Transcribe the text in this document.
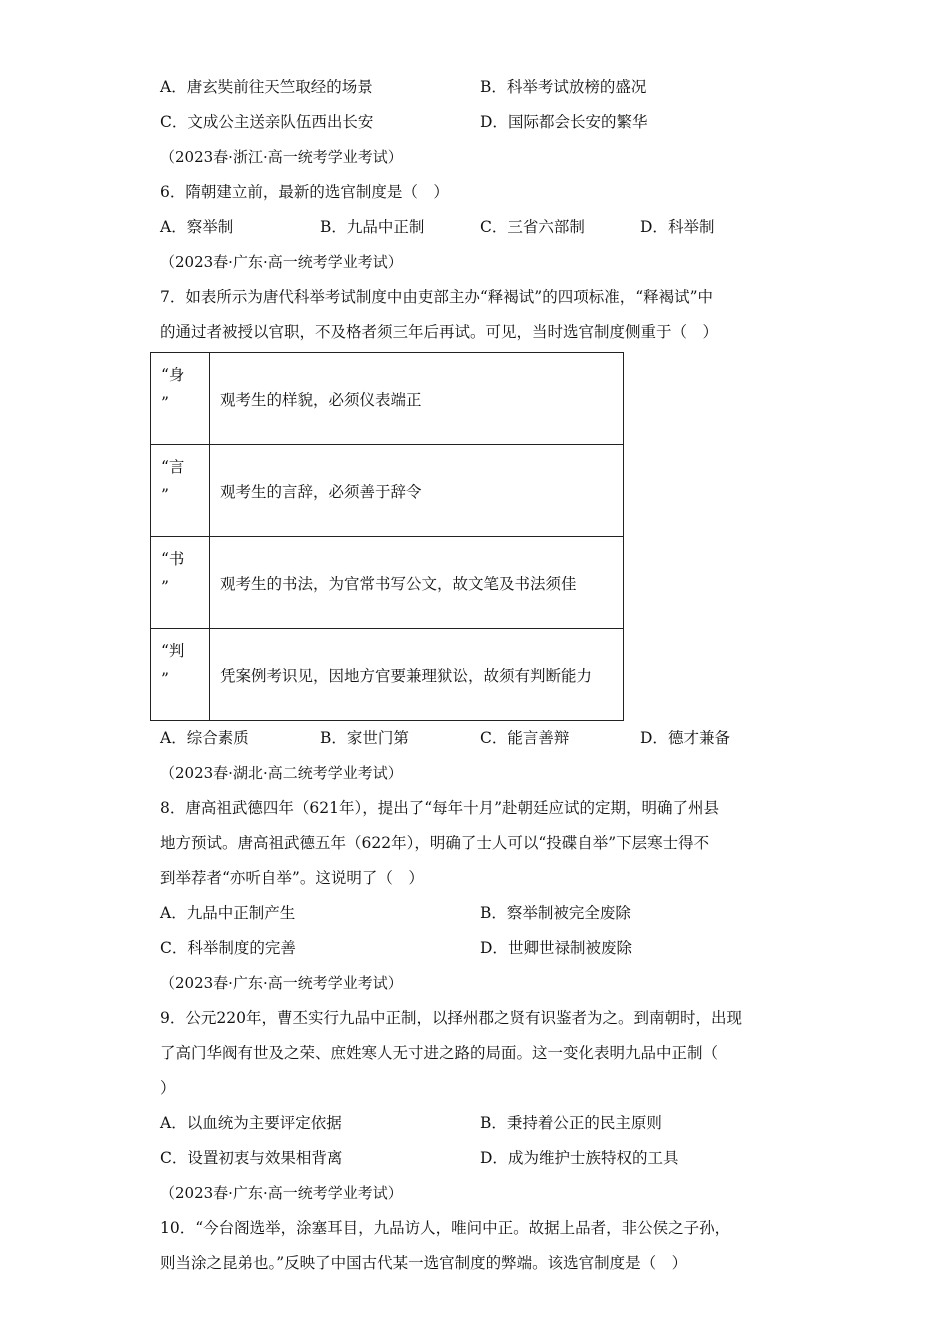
A．唐玄奘前往天竺取经的场景	B．科举考试放榜的盛况
C．文成公主送亲队伍西出长安	D．国际都会长安的繁华
（2023春·浙江·高一统考学业考试）
6．隋朝建立前，最新的选官制度是（　）
A．察举制	B．九品中正制	C．三省六部制	D．科举制
（2023春·广东·高一统考学业考试）
7．如表所示为唐代科举考试制度中由吏部主办“释褐试”的四项标准，“释褐试”中
的通过者被授以官职，不及格者须三年后再试。可见，当时选官制度侧重于（　）
“身
”	观考生的样貌，必须仪表端正

“言
”	观考生的言辞，必须善于辞令

“书
”	观考生的书法，为官常书写公文，故文笔及书法须佳

“判
”	凭案例考识见，因地方官要兼理狱讼，故须有判断能力
A．综合素质	B．家世门第	C．能言善辩	D．德才兼备
（2023春·湖北·高二统考学业考试）
8．唐高祖武德四年（621年），提出了“每年十月”赴朝廷应试的定期，明确了州县
地方预试。唐高祖武德五年（622年），明确了士人可以“投碟自举”下层寒士得不
到举荐者“亦听自举”。这说明了（　）
A．九品中正制产生	B．察举制被完全废除
C．科举制度的完善	D．世卿世禄制被废除
（2023春·广东·高一统考学业考试）
9．公元220年，曹丕实行九品中正制，以择州郡之贤有识鉴者为之。到南朝时，出现
了高门华阀有世及之荣、庶姓寒人无寸进之路的局面。这一变化表明九品中正制（
）
A．以血统为主要评定依据	B．秉持着公正的民主原则
C．设置初衷与效果相背离	D．成为维护士族特权的工具
（2023春·广东·高一统考学业考试）
10．“今台阁选举，涂塞耳目，九品访人，唯问中正。故据上品者，非公侯之子孙，
则当涂之昆弟也。”反映了中国古代某一选官制度的弊端。该选官制度是（　）
